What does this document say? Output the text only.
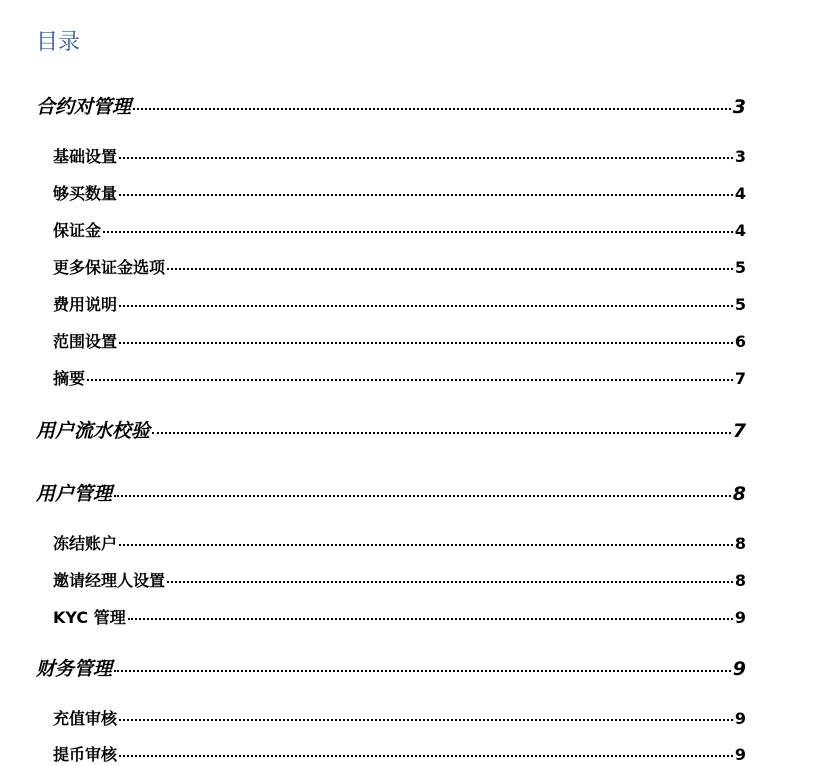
目录
合约对管理	3
基础设置	3
够买数量	4
保证金	4
更多保证金选项	5
费用说明	5
范围设置	6
摘要	7
用户流水校验	7
用户管理	8
冻结账户	8
邀请经理人设置	8
KYC 管理	9
财务管理	9
充值审核	9
提币审核	9
